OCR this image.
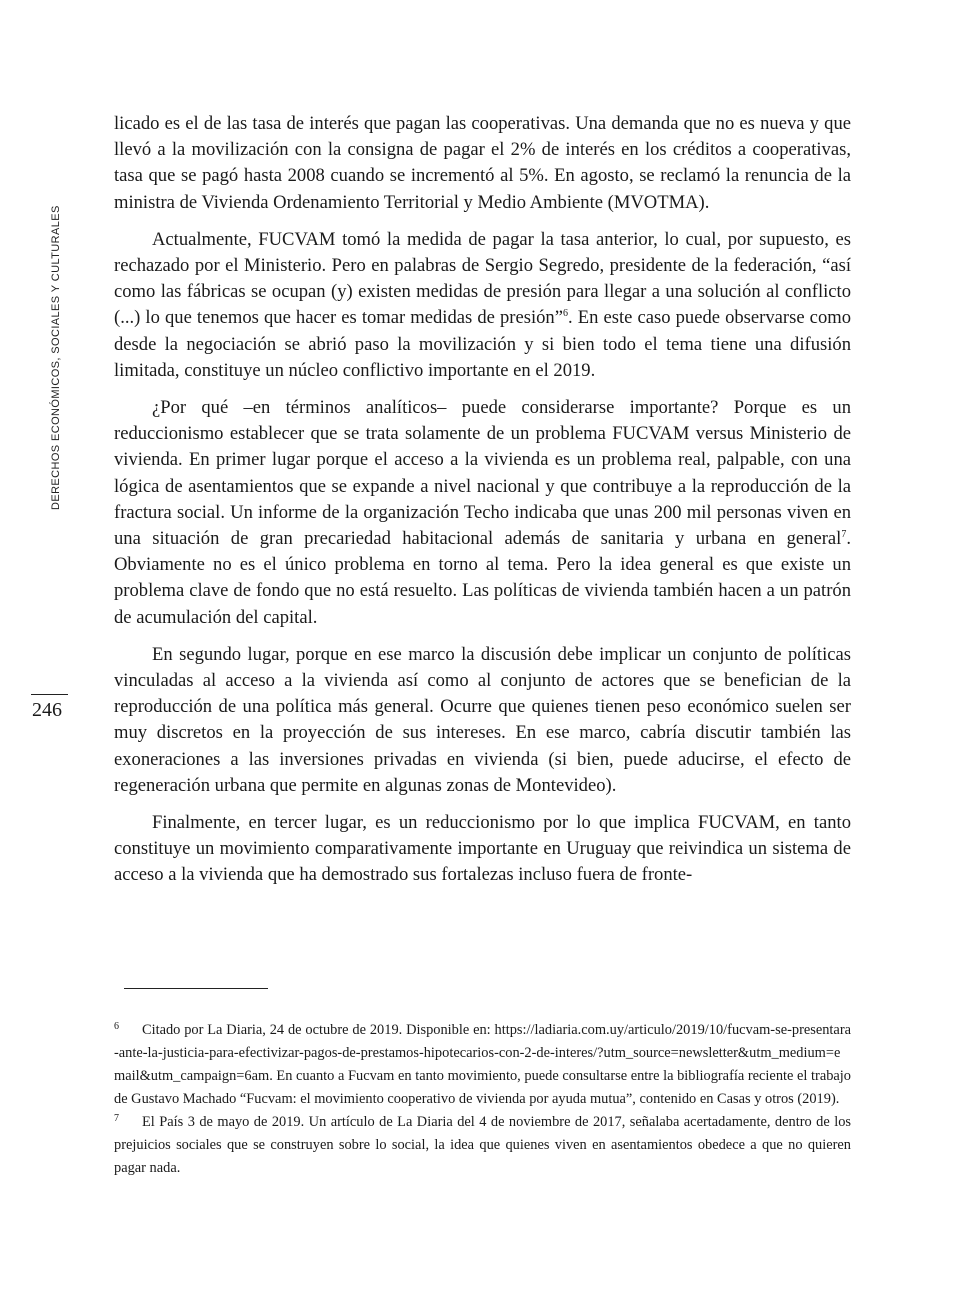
DERECHOS ECONÓMICOS, SOCIALES Y CULTURALES
246

licado es el de las tasa de interés que pagan las cooperativas. Una demanda que no es nueva y que llevó a la movilización con la consigna de pagar el 2% de interés en los créditos a cooperativas, tasa que se pagó hasta 2008 cuando se incrementó al 5%. En agosto, se reclamó la renuncia de la ministra de Vivienda Ordenamiento Territorial y Medio Ambiente (MVOTMA).

Actualmente, FUCVAM tomó la medida de pagar la tasa anterior, lo cual, por supuesto, es rechazado por el Ministerio. Pero en palabras de Sergio Segredo, presidente de la federación, “así como las fábricas se ocupan (y) existen medidas de presión para llegar a una solución al conflicto (...) lo que tenemos que hacer es tomar medidas de presión”$^6$. En este caso puede observarse como desde la negociación se abrió paso la movilización y si bien todo el tema tiene una difusión limitada, constituye un núcleo conflictivo importante en el 2019.

¿Por qué –en términos analíticos– puede considerarse importante? Porque es un reduccionismo establecer que se trata solamente de un problema FUCVAM versus Ministerio de vivienda. En primer lugar porque el acceso a la vivienda es un problema real, palpable, con una lógica de asentamientos que se expande a nivel nacional y que contribuye a la reproducción de la fractura social. Un informe de la organización Techo indicaba que unas 200 mil personas viven en una situación de gran precariedad habitacional además de sanitaria y urbana en general$^7$. Obviamente no es el único problema en torno al tema. Pero la idea general es que existe un problema clave de fondo que no está resuelto. Las políticas de vivienda también hacen a un patrón de acumulación del capital.

En segundo lugar, porque en ese marco la discusión debe implicar un conjunto de políticas vinculadas al acceso a la vivienda así como al conjunto de actores que se benefician de la reproducción de una política más general. Ocurre que quienes tienen peso económico suelen ser muy discretos en la proyección de sus intereses. En ese marco, cabría discutir también las exoneraciones a las inversiones privadas en vivienda (si bien, puede aducirse, el efecto de regeneración urbana que permite en algunas zonas de Montevideo).

Finalmente, en tercer lugar, es un reduccionismo por lo que implica FUCVAM, en tanto constituye un movimiento comparativamente importante en Uruguay que reivindica un sistema de acceso a la vivienda que ha demostrado sus fortalezas incluso fuera de fronte-

6 Citado por La Diaria, 24 de octubre de 2019. Disponible en: https://ladiaria.com.uy/articulo/2019/10/fucvam-se-presentara-ante-la-justicia-para-efectivizar-pagos-de-prestamos-hipotecarios-con-2-de-interes/?utm_source=newsletter&utm_medium=email&utm_campaign=6am. En cuanto a Fucvam en tanto movimiento, puede consultarse entre la bibliografía reciente el trabajo de Gustavo Machado “Fucvam: el movimiento cooperativo de vivienda por ayuda mutua”, contenido en Casas y otros (2019).

7 El País 3 de mayo de 2019. Un artículo de La Diaria del 4 de noviembre de 2017, señalaba acertadamente, dentro de los prejuicios sociales que se construyen sobre lo social, la idea que quienes viven en asentamientos obedece a que no quieren pagar nada.
